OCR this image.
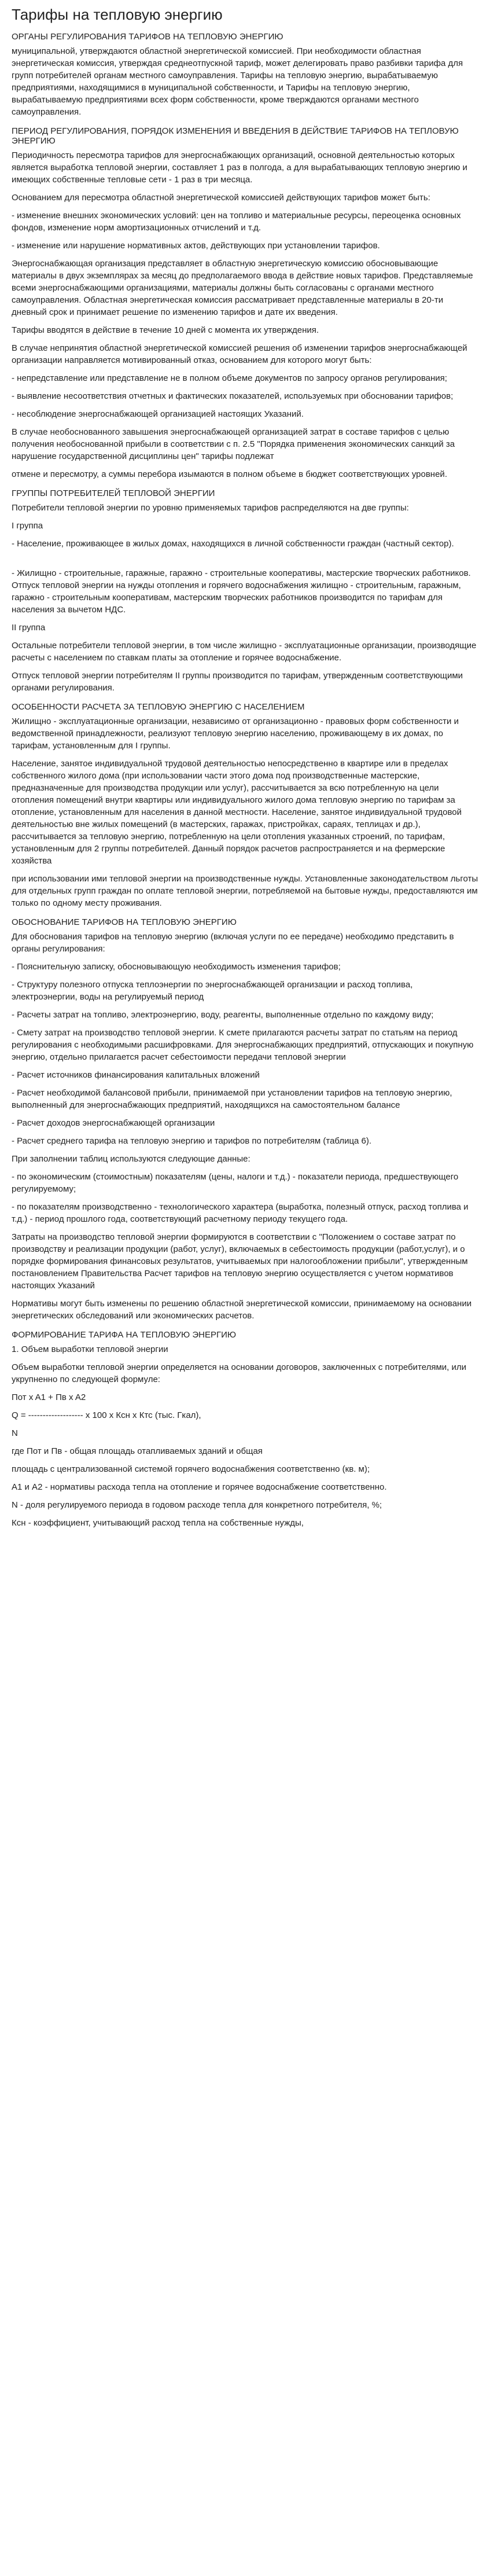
Тарифы на тепловую энергию
ОРГАНЫ РЕГУЛИРОВАНИЯ ТАРИФОВ НА ТЕПЛОВУЮ ЭНЕРГИЮ

муниципальной, утверждаются областной энергетической комиссией. При необходимости областная энергетическая комиссия, утверждая среднеотпускной тариф, может делегировать право разбивки тарифа для групп потребителей органам местного самоуправления. Тарифы на тепловую энергию, вырабатываемую предприятиями, находящимися в муниципальной собственности, и Тарифы на тепловую энергию, вырабатываемую предприятиями всех форм собственности, кроме тверждаются органами местного самоуправления.

ПЕРИОД РЕГУЛИРОВАНИЯ, ПОРЯДОК ИЗМЕНЕНИЯ И ВВЕДЕНИЯ В ДЕЙСТВИЕ ТАРИФОВ НА ТЕПЛОВУЮ ЭНЕРГИЮ

Периодичность пересмотра тарифов для энергоснабжающих организаций, основной деятельностью которых является выработка тепловой энергии, составляет 1 раз в полгода, а для вырабатывающих тепловую энергию и имеющих собственные тепловые сети - 1 раз в три месяца.

Основанием для пересмотра областной энергетической комиссией действующих тарифов может быть:

- изменение внешних экономических условий: цен на топливо и материальные ресурсы, переоценка основных фондов, изменение норм амортизационных отчислений и т.д.

- изменение или нарушение нормативных актов, действующих при установлении тарифов.

Энергоснабжающая организация представляет в областную энергетическую комиссию обосновывающие материалы в двух экземплярах за месяц до предполагаемого ввода в действие новых тарифов. Представляемые всеми энергоснабжающими организациями, материалы должны быть согласованы с органами местного самоуправления. Областная энергетическая комиссия рассматривает представленные материалы в 20-ти дневный срок и принимает решение по изменению тарифов и дате их введения.

Тарифы вводятся в действие в течение 10 дней с момента их утверждения.

В случае непринятия областной энергетической комиссией решения об изменении тарифов энергоснабжающей организации направляется мотивированный отказ, основанием для которого могут быть:

- непредставление или представление не в полном объеме документов по запросу органов регулирования;

- выявление несоответствия отчетных и фактических показателей, используемых при обосновании тарифов;

- несоблюдение энергоснабжающей организацией настоящих Указаний.

В случае необоснованного завышения энергоснабжающей организацией затрат в составе тарифов с целью получения необоснованной прибыли в соответствии с п. 2.5 "Порядка применения экономических санкций за нарушение государственной дисциплины цен" тарифы подлежат

отмене и пересмотру, а суммы перебора изымаются в полном объеме в бюджет соответствующих уровней.

ГРУППЫ ПОТРЕБИТЕЛЕЙ ТЕПЛОВОЙ ЭНЕРГИИ

Потребители тепловой энергии по уровню применяемых тарифов распределяются на две группы:

I группа

- Население, проживающее в жилых домах, находящихся в личной собственности граждан (частный сектор).

- Жилищно - строительные, гаражные, гаражно - строительные кооперативы, мастерские творческих работников. Отпуск тепловой энергии на нужды отопления и горячего водоснабжения жилищно - строительным, гаражным, гаражно - строительным кооперативам, мастерским творческих работников производится по тарифам для населения за вычетом НДС.

II группа

Остальные потребители тепловой энергии, в том числе жилищно - эксплуатационные организации, производящие расчеты с населением по ставкам платы за отопление и горячее водоснабжение.

Отпуск тепловой энергии потребителям II группы производится по тарифам, утвержденным соответствующими органами регулирования.

ОСОБЕННОСТИ РАСЧЕТА ЗА ТЕПЛОВУЮ ЭНЕРГИЮ С НАСЕЛЕНИЕМ

Жилищно - эксплуатационные организации, независимо от организационно - правовых форм собственности и ведомственной принадлежности, реализуют тепловую энергию населению, проживающему в их домах, по тарифам, установленным для I группы.

Население, занятое индивидуальной трудовой деятельностью непосредственно в квартире или в пределах собственного жилого дома (при использовании части этого дома под производственные мастерские, предназначенные для производства продукции или услуг), рассчитывается за всю потребленную на цели отопления помещений внутри квартиры или индивидуального жилого дома тепловую энергию по тарифам за отопление, установленным для населения в данной местности. Население, занятое индивидуальной трудовой деятельностью вне жилых помещений (в мастерских, гаражах, пристройках, сараях, теплицах и др.), рассчитывается за тепловую энергию, потребленную на цели отопления указанных строений, по тарифам, установленным для 2 группы потребителей. Данный порядок расчетов распространяется и на фермерские хозяйства

при использовании ими тепловой энергии на производственные нужды. Установленные законодательством льготы для отдельных групп граждан по оплате тепловой энергии, потребляемой на бытовые нужды, предоставляются им только по одному месту проживания.

ОБОСНОВАНИЕ ТАРИФОВ НА ТЕПЛОВУЮ ЭНЕРГИЮ

Для обоснования тарифов на тепловую энергию (включая услуги по ее передаче) необходимо представить в органы регулирования:

- Пояснительную записку, обосновывающую необходимость изменения тарифов;

- Структуру полезного отпуска теплоэнергии по энергоснабжающей организации и расход топлива, электроэнергии, воды на регулируемый период

- Расчеты затрат на топливо, электроэнергию, воду, реагенты, выполненные отдельно по каждому виду;

- Смету затрат на производство тепловой энергии. К смете прилагаются расчеты затрат по статьям на период регулирования с необходимыми расшифровками. Для энергоснабжающих предприятий, отпускающих и покупную энергию, отдельно прилагается расчет себестоимости передачи тепловой энергии

- Расчет источников финансирования капитальных вложений

- Расчет необходимой балансовой прибыли, принимаемой при установлении тарифов на тепловую энергию, выполненный для энергоснабжающих предприятий, находящихся на самостоятельном балансе

- Расчет доходов энергоснабжающей организации

- Расчет среднего тарифа на тепловую энергию и тарифов по потребителям (таблица 6).

При заполнении таблиц используются следующие данные:

- по экономическим (стоимостным) показателям (цены, налоги и т.д.) - показатели периода, предшествующего регулируемому;

- по показателям производственно - технологического характера (выработка, полезный отпуск, расход топлива и т.д.) - период прошлого года, соответствующий расчетному периоду текущего года.

Затраты на производство тепловой энергии формируются в соответствии с "Положением о составе затрат по производству и реализации продукции (работ, услуг), включаемых в себестоимость продукции (работ,услуг), и о порядке формирования финансовых результатов, учитываемых при налогообложении прибыли", утвержденным постановлением Правительства Расчет тарифов на тепловую энергию осуществляется с учетом нормативов настоящих Указаний

Нормативы могут быть изменены по решению областной энергетической комиссии, принимаемому на основании энергетических обследований или экономических расчетов.

ФОРМИРОВАНИЕ ТАРИФА НА ТЕПЛОВУЮ ЭНЕРГИЮ

1. Объем выработки тепловой энергии

Объем выработки тепловой энергии определяется на основании договоров, заключенных с потребителями, или укрупненно по следующей формуле:

Пот x A1 + Пв x A2

Q = ------------------- x 100 x Ксн x Ктс (тыс. Гкал),

N

где Пот и Пв - общая площадь отапливаемых зданий и общая

площадь с централизованной системой горячего водоснабжения соответственно (кв. м);

А1 и А2 - нормативы расхода тепла на отопление и горячее водоснабжение соответственно.

N - доля регулируемого периода в годовом расходе тепла для конкретного потребителя, %;

Ксн - коэффициент, учитывающий расход тепла на собственные нужды,
